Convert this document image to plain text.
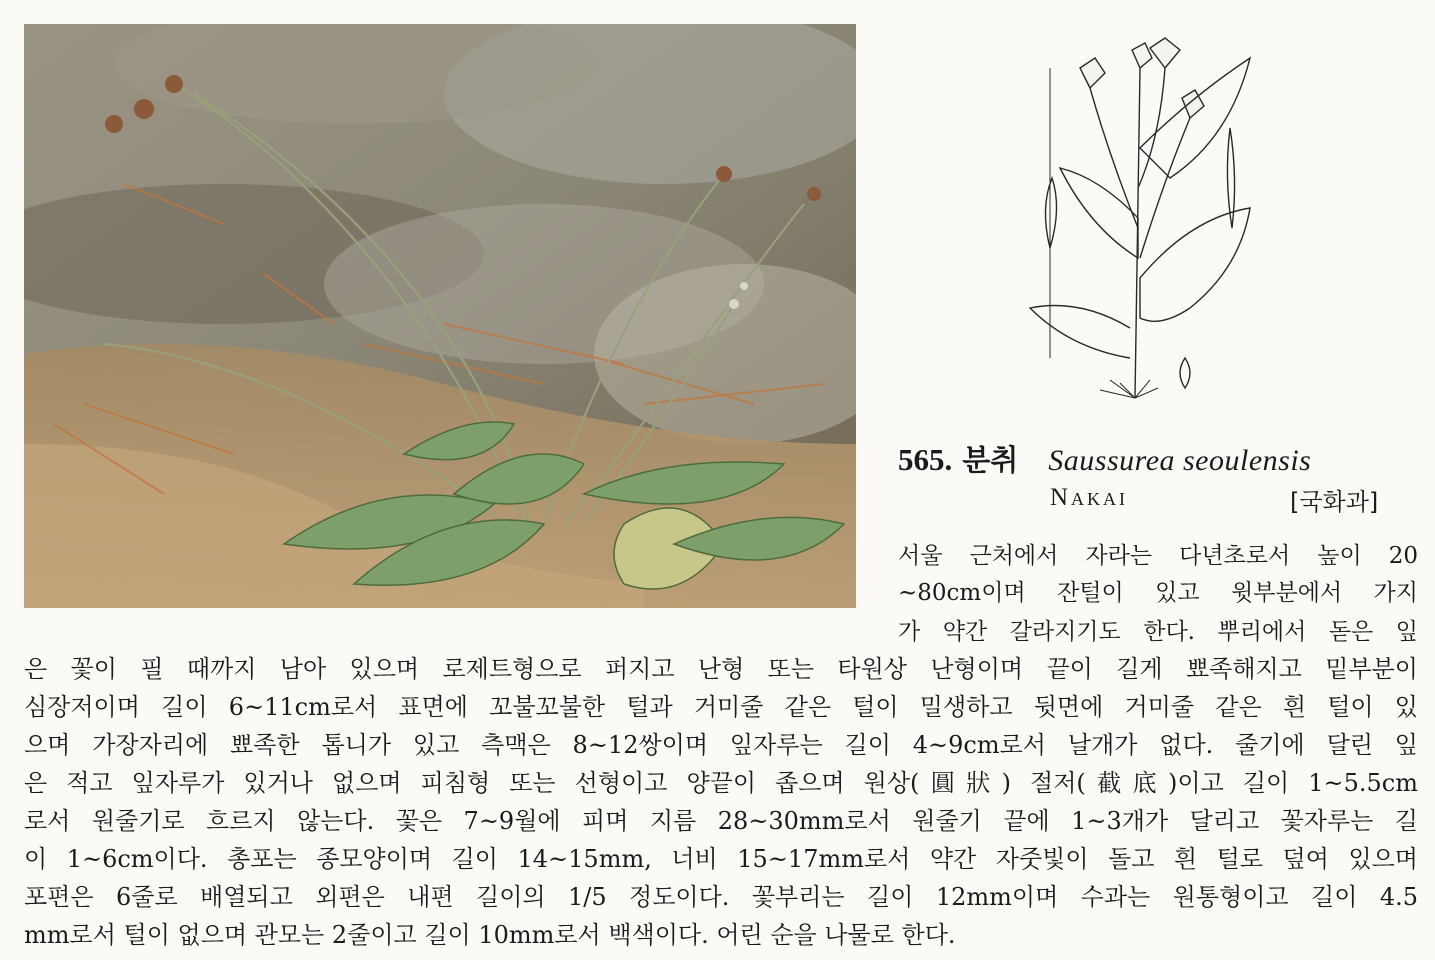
565. 분취 Saussurea seoulensis
Nakai	[국화과]
서울 근처에서 자라는 다년초로서 높이 20
~80cm이며 잔털이 있고 윗부분에서 가지
가 약간 갈라지기도 한다. 뿌리에서 돋은 잎
은 꽃이 필 때까지 남아 있으며 로제트형으로 퍼지고 난형 또는 타원상 난형이며 끝이 길게 뾰족해지고 밑부분이
심장저이며 길이 6~11cm로서 표면에 꼬불꼬불한 털과 거미줄 같은 털이 밀생하고 뒷면에 거미줄 같은 흰 털이 있
으며 가장자리에 뾰족한 톱니가 있고 측맥은 8~12쌍이며 잎자루는 길이 4~9cm로서 날개가 없다. 줄기에 달린 잎
은 적고 잎자루가 있거나 없으며 피침형 또는 선형이고 양끝이 좁으며 원상(圓狀) 절저(截底)이고 길이 1~5.5cm
로서 원줄기로 흐르지 않는다. 꽃은 7~9월에 피며 지름 28~30mm로서 원줄기 끝에 1~3개가 달리고 꽃자루는 길
이 1~6cm이다. 총포는 종모양이며 길이 14~15mm, 너비 15~17mm로서 약간 자줏빛이 돌고 흰 털로 덮여 있으며
포편은 6줄로 배열되고 외편은 내편 길이의 1/5 정도이다. 꽃부리는 길이 12mm이며 수과는 원통형이고 길이 4.5
mm로서 털이 없으며 관모는 2줄이고 길이 10mm로서 백색이다. 어린 순을 나물로 한다.
